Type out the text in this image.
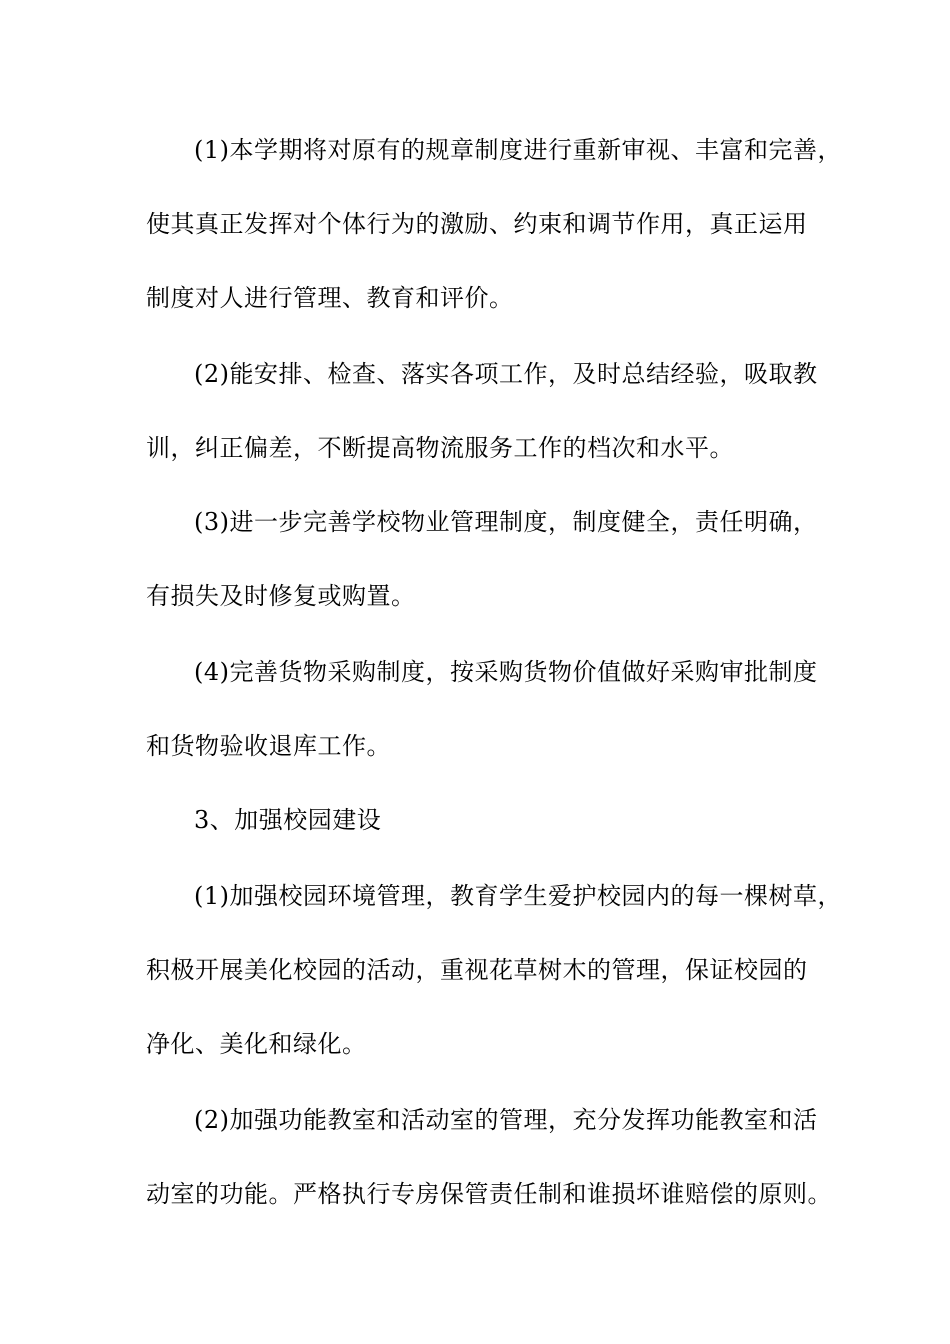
(1)本学期将对原有的规章制度进行重新审视、丰富和完善，
使其真正发挥对个体行为的激励、约束和调节作用，真正运用
制度对人进行管理、教育和评价。
(2)能安排、检查、落实各项工作，及时总结经验，吸取教
训，纠正偏差，不断提高物流服务工作的档次和水平。
(3)进一步完善学校物业管理制度，制度健全，责任明确，
有损失及时修复或购置。
(4)完善货物采购制度，按采购货物价值做好采购审批制度
和货物验收退库工作。
3、加强校园建设
(1)加强校园环境管理，教育学生爱护校园内的每一棵树草，
积极开展美化校园的活动，重视花草树木的管理，保证校园的
净化、美化和绿化。
(2)加强功能教室和活动室的管理，充分发挥功能教室和活
动室的功能。严格执行专房保管责任制和谁损坏谁赔偿的原则。
